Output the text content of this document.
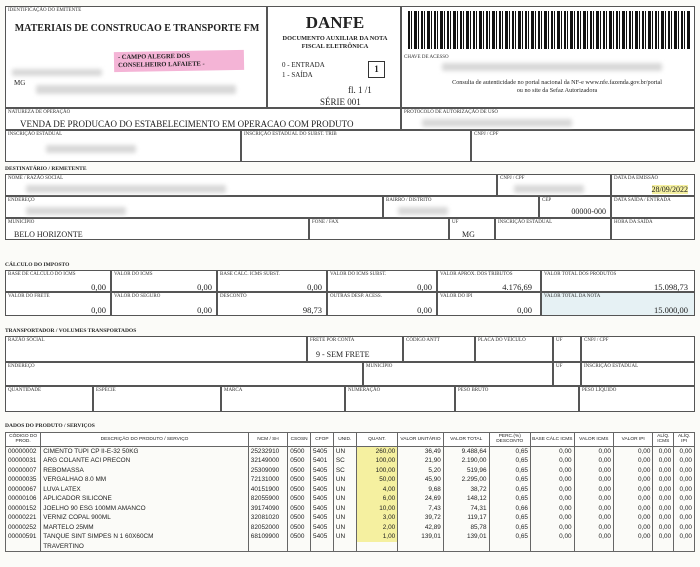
IDENTIFICAÇÃO DO EMITENTE
MATERIAIS DE CONSTRUCAO E TRANSPORTE FM
- CAMPO ALEGRE DOS CONSELHEIRO LAFAIETE -
MG
DANFE
DOCUMENTO AUXILIAR DA NOTA FISCAL ELETRÔNICA
0 - ENTRADA
1 - SAÍDA
1
fl. 1 /1
SÉRIE 001
CHAVE DE ACESSO
Consulta de autenticidade no portal nacional da NF-e www.nfe.fazenda.gov.br/portal ou no site da Sefaz Autorizadora
NATUREZA DE OPERAÇÃO
VENDA DE PRODUCAO DO ESTABELECIMENTO EM OPERACAO COM PRODUTO
PROTOCOLO DE AUTORIZAÇÃO DE USO
INSCRIÇÃO ESTADUAL	INSCRIÇÃO ESTADUAL DO SUBST. TRIB	CNPJ / CPF
DESTINATÁRIO / REMETENTE
NOME / RAZÃO SOCIAL	CNPJ / CPF	DATA DA EMISSÃO
28/09/2022
ENDEREÇO	BAIRRO / DISTRITO	CEP
00000-000
DATA SAÍDA / ENTRADA
MUNICÍPIO
BELO HORIZONTE
FONE / FAX	UF
MG
INSCRIÇÃO ESTADUAL	HORA DA SAÍDA
CÁLCULO DO IMPOSTO
BASE DE CÁLCULO DO ICMS
0,00
VALOR DO ICMS
0,00
BASE CÁLC. ICMS SUBST.
0,00
VALOR DO ICMS SUBST.
0,00
VALOR APROX. DOS TRIBUTOS
4.176,69
VALOR TOTAL DOS PRODUTOS
15.098,73
VALOR DO FRETE
0,00
VALOR DO SEGURO
0,00
DESCONTO
98,73
OUTRAS DESP. ACESS.
0,00
VALOR DO IPI
0,00
VALOR TOTAL DA NOTA
15.000,00
TRANSPORTADOR / VOLUMES TRANSPORTADOS
RAZÃO SOCIAL	FRETE POR CONTA
9 - SEM FRETE
CÓDIGO ANTT	PLACA DO VEÍCULO	UF	CNPJ / CPF
ENDEREÇO	MUNICÍPIO	UF	INSCRIÇÃO ESTADUAL
QUANTIDADE	ESPÉCIE	MARCA	NUMERAÇÃO	PESO BRUTO	PESO LÍQUIDO
DADOS DO PRODUTO / SERVIÇOS
CÓDIGO DO PROD.	DESCRIÇÃO DO PRODUTO / SERVIÇO	NCM / SH	CSOSN	CFOP	UNID.	QUANT.	VALOR UNITÁRIO	VALOR TOTAL	PERC.(%) DESCONTO	BASE CÁLC ICMS	VALOR ICMS	VALOR IPI	ALÍQ. ICMS	ALÍQ. IPI
00000002	CIMENTO TUPI CP II-E-32 50KG	25232910	0500	5405	UN	260,00	36,49	9.488,64	0,65	0,00	0,00	0,00	0,00	0,00
00000031	ARG COLANTE ACI PRECON	32149000	0500	5401	SC	100,00	21,90	2.190,00	0,65	0,00	0,00	0,00	0,00	0,00
00000007	REBOMASSA	25309090	0500	5405	SC	100,00	5,20	519,96	0,65	0,00	0,00	0,00	0,00	0,00
00000035	VERGALHAO 8.0 MM	72131000	0500	5405	UN	50,00	45,90	2.295,00	0,65	0,00	0,00	0,00	0,00	0,00
00000067	LUVA LATEX	40151900	0500	5405	UN	4,00	9,68	38,72	0,65	0,00	0,00	0,00	0,00	0,00
00000106	APLICADOR SILICONE	82055900	0500	5405	UN	6,00	24,69	148,12	0,65	0,00	0,00	0,00	0,00	0,00
00000152	JOELHO 90 ESG 100MM AMANCO	39174090	0500	5405	UN	10,00	7,43	74,31	0,66	0,00	0,00	0,00	0,00	0,00
00000221	VERNIZ COPAL 900ML	32081020	0500	5405	UN	3,00	39,72	119,17	0,65	0,00	0,00	0,00	0,00	0,00
00000252	MARTELO 25MM	82052000	0500	5405	UN	2,00	42,89	85,78	0,65	0,00	0,00	0,00	0,00	0,00
00000591	TANQUE SINT SIMPES N 1 60X60CM	68109900	0500	5405	UN	1,00	139,01	139,01	0,65	0,00	0,00	0,00	0,00	0,00
	TRAVERTINO													
